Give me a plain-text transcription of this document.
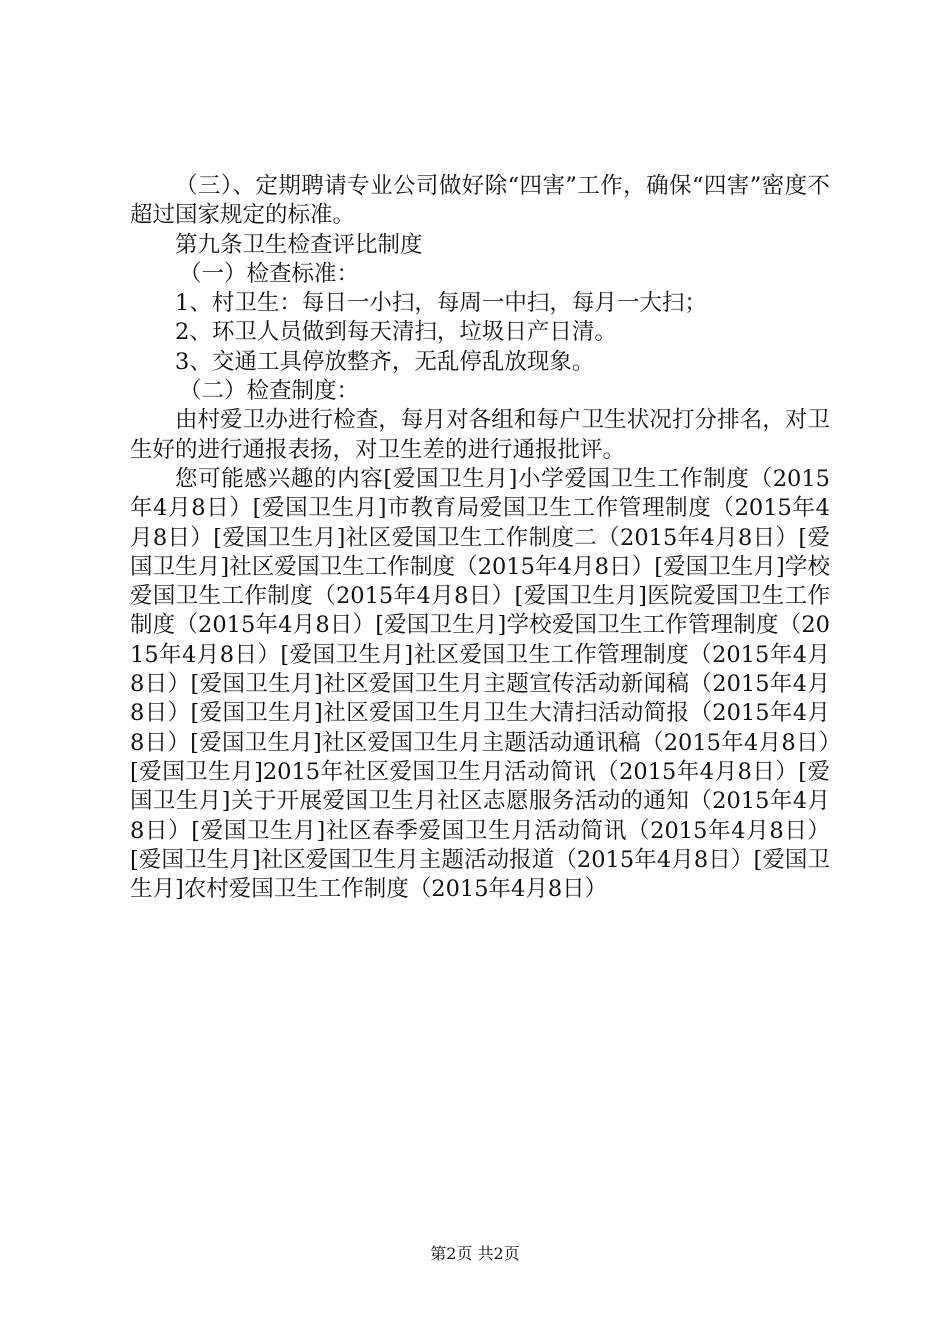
（三）、定期聘请专业公司做好除“四害”工作，确保“四害”密度不超过国家规定的标准。

第九条卫生检查评比制度

（一）检查标准：

1、村卫生：每日一小扫，每周一中扫，每月一大扫；

2、环卫人员做到每天清扫，垃圾日产日清。

3、交通工具停放整齐，无乱停乱放现象。

（二）检查制度：

由村爱卫办进行检查，每月对各组和每户卫生状况打分排名，对卫生好的进行通报表扬，对卫生差的进行通报批评。

您可能感兴趣的内容[爱国卫生月]小学爱国卫生工作制度（2015年4月8日）[爱国卫生月]市教育局爱国卫生工作管理制度（2015年4月8日）[爱国卫生月]社区爱国卫生工作制度二（2015年4月8日）[爱国卫生月]社区爱国卫生工作制度（2015年4月8日）[爱国卫生月]学校爱国卫生工作制度（2015年4月8日）[爱国卫生月]医院爱国卫生工作制度（2015年4月8日）[爱国卫生月]学校爱国卫生工作管理制度（2015年4月8日）[爱国卫生月]社区爱国卫生工作管理制度（2015年4月8日）[爱国卫生月]社区爱国卫生月主题宣传活动新闻稿（2015年4月8日）[爱国卫生月]社区爱国卫生月卫生大清扫活动简报（2015年4月8日）[爱国卫生月]社区爱国卫生月主题活动通讯稿（2015年4月8日）[爱国卫生月]2015年社区爱国卫生月活动简讯（2015年4月8日）[爱国卫生月]关于开展爱国卫生月社区志愿服务活动的通知（2015年4月8日）[爱国卫生月]社区春季爱国卫生月活动简讯（2015年4月8日）[爱国卫生月]社区爱国卫生月主题活动报道（2015年4月8日）[爱国卫生月]农村爱国卫生工作制度（2015年4月8日）

第2页 共2页
